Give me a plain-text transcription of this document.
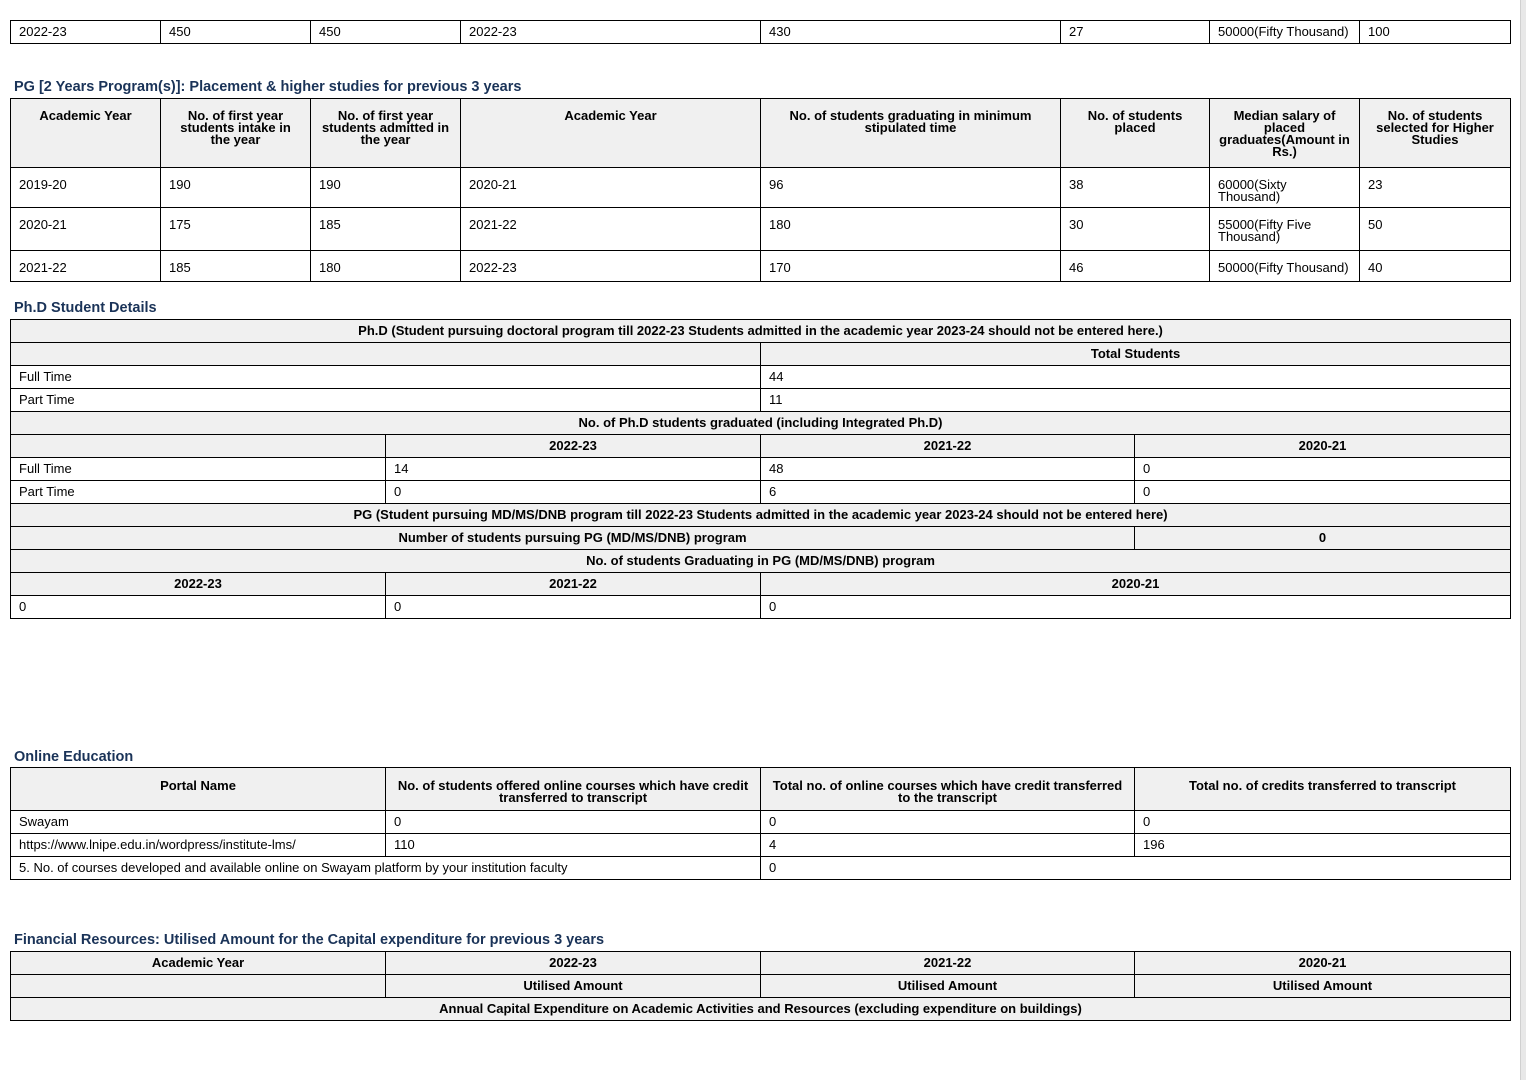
2022-23	450	450	2022-23	430	27	50000(Fifty Thousand)	100
PG [2 Years Program(s)]: Placement & higher studies for previous 3 years
Academic Year	No. of first year students intake in the year	No. of first year students admitted in the year	Academic Year	No. of students graduating in minimum stipulated time	No. of students placed	Median salary of placed graduates(Amount in Rs.)	No. of students selected for Higher Studies
2019-20	190	190	2020-21	96	38	60000(Sixty Thousand)	23
2020-21	175	185	2021-22	180	30	55000(Fifty Five Thousand)	50
2021-22	185	180	2022-23	170	46	50000(Fifty Thousand)	40
Ph.D Student Details
Ph.D (Student pursuing doctoral program till 2022-23 Students admitted in the academic year 2023-24 should not be entered here.)			
		Total Students	
Full Time		44	
Part Time		11	
No. of Ph.D students graduated (including Integrated Ph.D)			
	2022-23	2021-22	2020-21
Full Time	14	48	0
Part Time	0	6	0
PG (Student pursuing MD/MS/DNB program till 2022-23 Students admitted in the academic year 2023-24 should not be entered here)			
Number of students pursuing PG (MD/MS/DNB) program			0
No. of students Graduating in PG (MD/MS/DNB) program			
2022-23	2021-22	2020-21	
0	0	0	
Online Education
Portal Name	No. of students offered online courses which have credit transferred to transcript	Total no. of online courses which have credit transferred to the transcript	Total no. of credits transferred to transcript
Swayam	0	0	0
https://www.lnipe.edu.in/wordpress/institute-lms/	110	4	196
5. No. of courses developed and available online on Swayam platform by your institution faculty		0	
Financial Resources: Utilised Amount for the Capital expenditure for previous 3 years
Academic Year	2022-23	2021-22	2020-21
	Utilised Amount	Utilised Amount	Utilised Amount
Annual Capital Expenditure on Academic Activities and Resources (excluding expenditure on buildings)			
